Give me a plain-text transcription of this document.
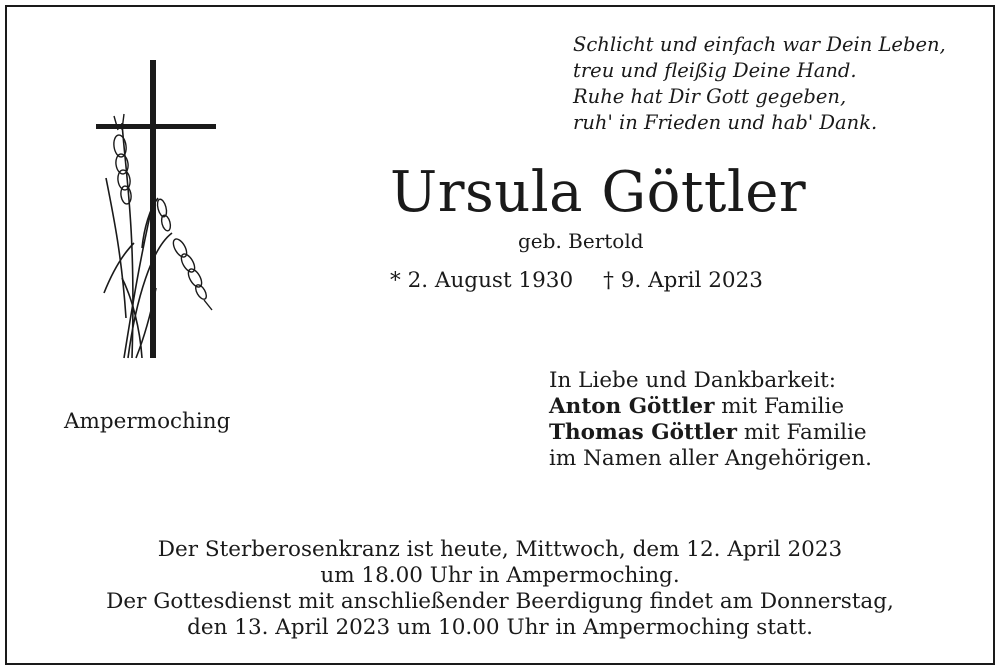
Schlicht und einfach war Dein Leben,
treu und fleißig Deine Hand.
Ruhe hat Dir Gott gegeben,
ruh' in Frieden und hab' Dank.
Ursula Göttler
geb. Bertold
* 2. August 1930 † 9. April 2023
Ampermoching
In Liebe und Dankbarkeit:
Anton Göttler mit Familie
Thomas Göttler mit Familie
im Namen aller Angehörigen.
Der Sterberosenkranz ist heute, Mittwoch, dem 12. April 2023
um 18.00 Uhr in Ampermoching.
Der Gottesdienst mit anschließender Beerdigung findet am Donnerstag,
den 13. April 2023 um 10.00 Uhr in Ampermoching statt.
